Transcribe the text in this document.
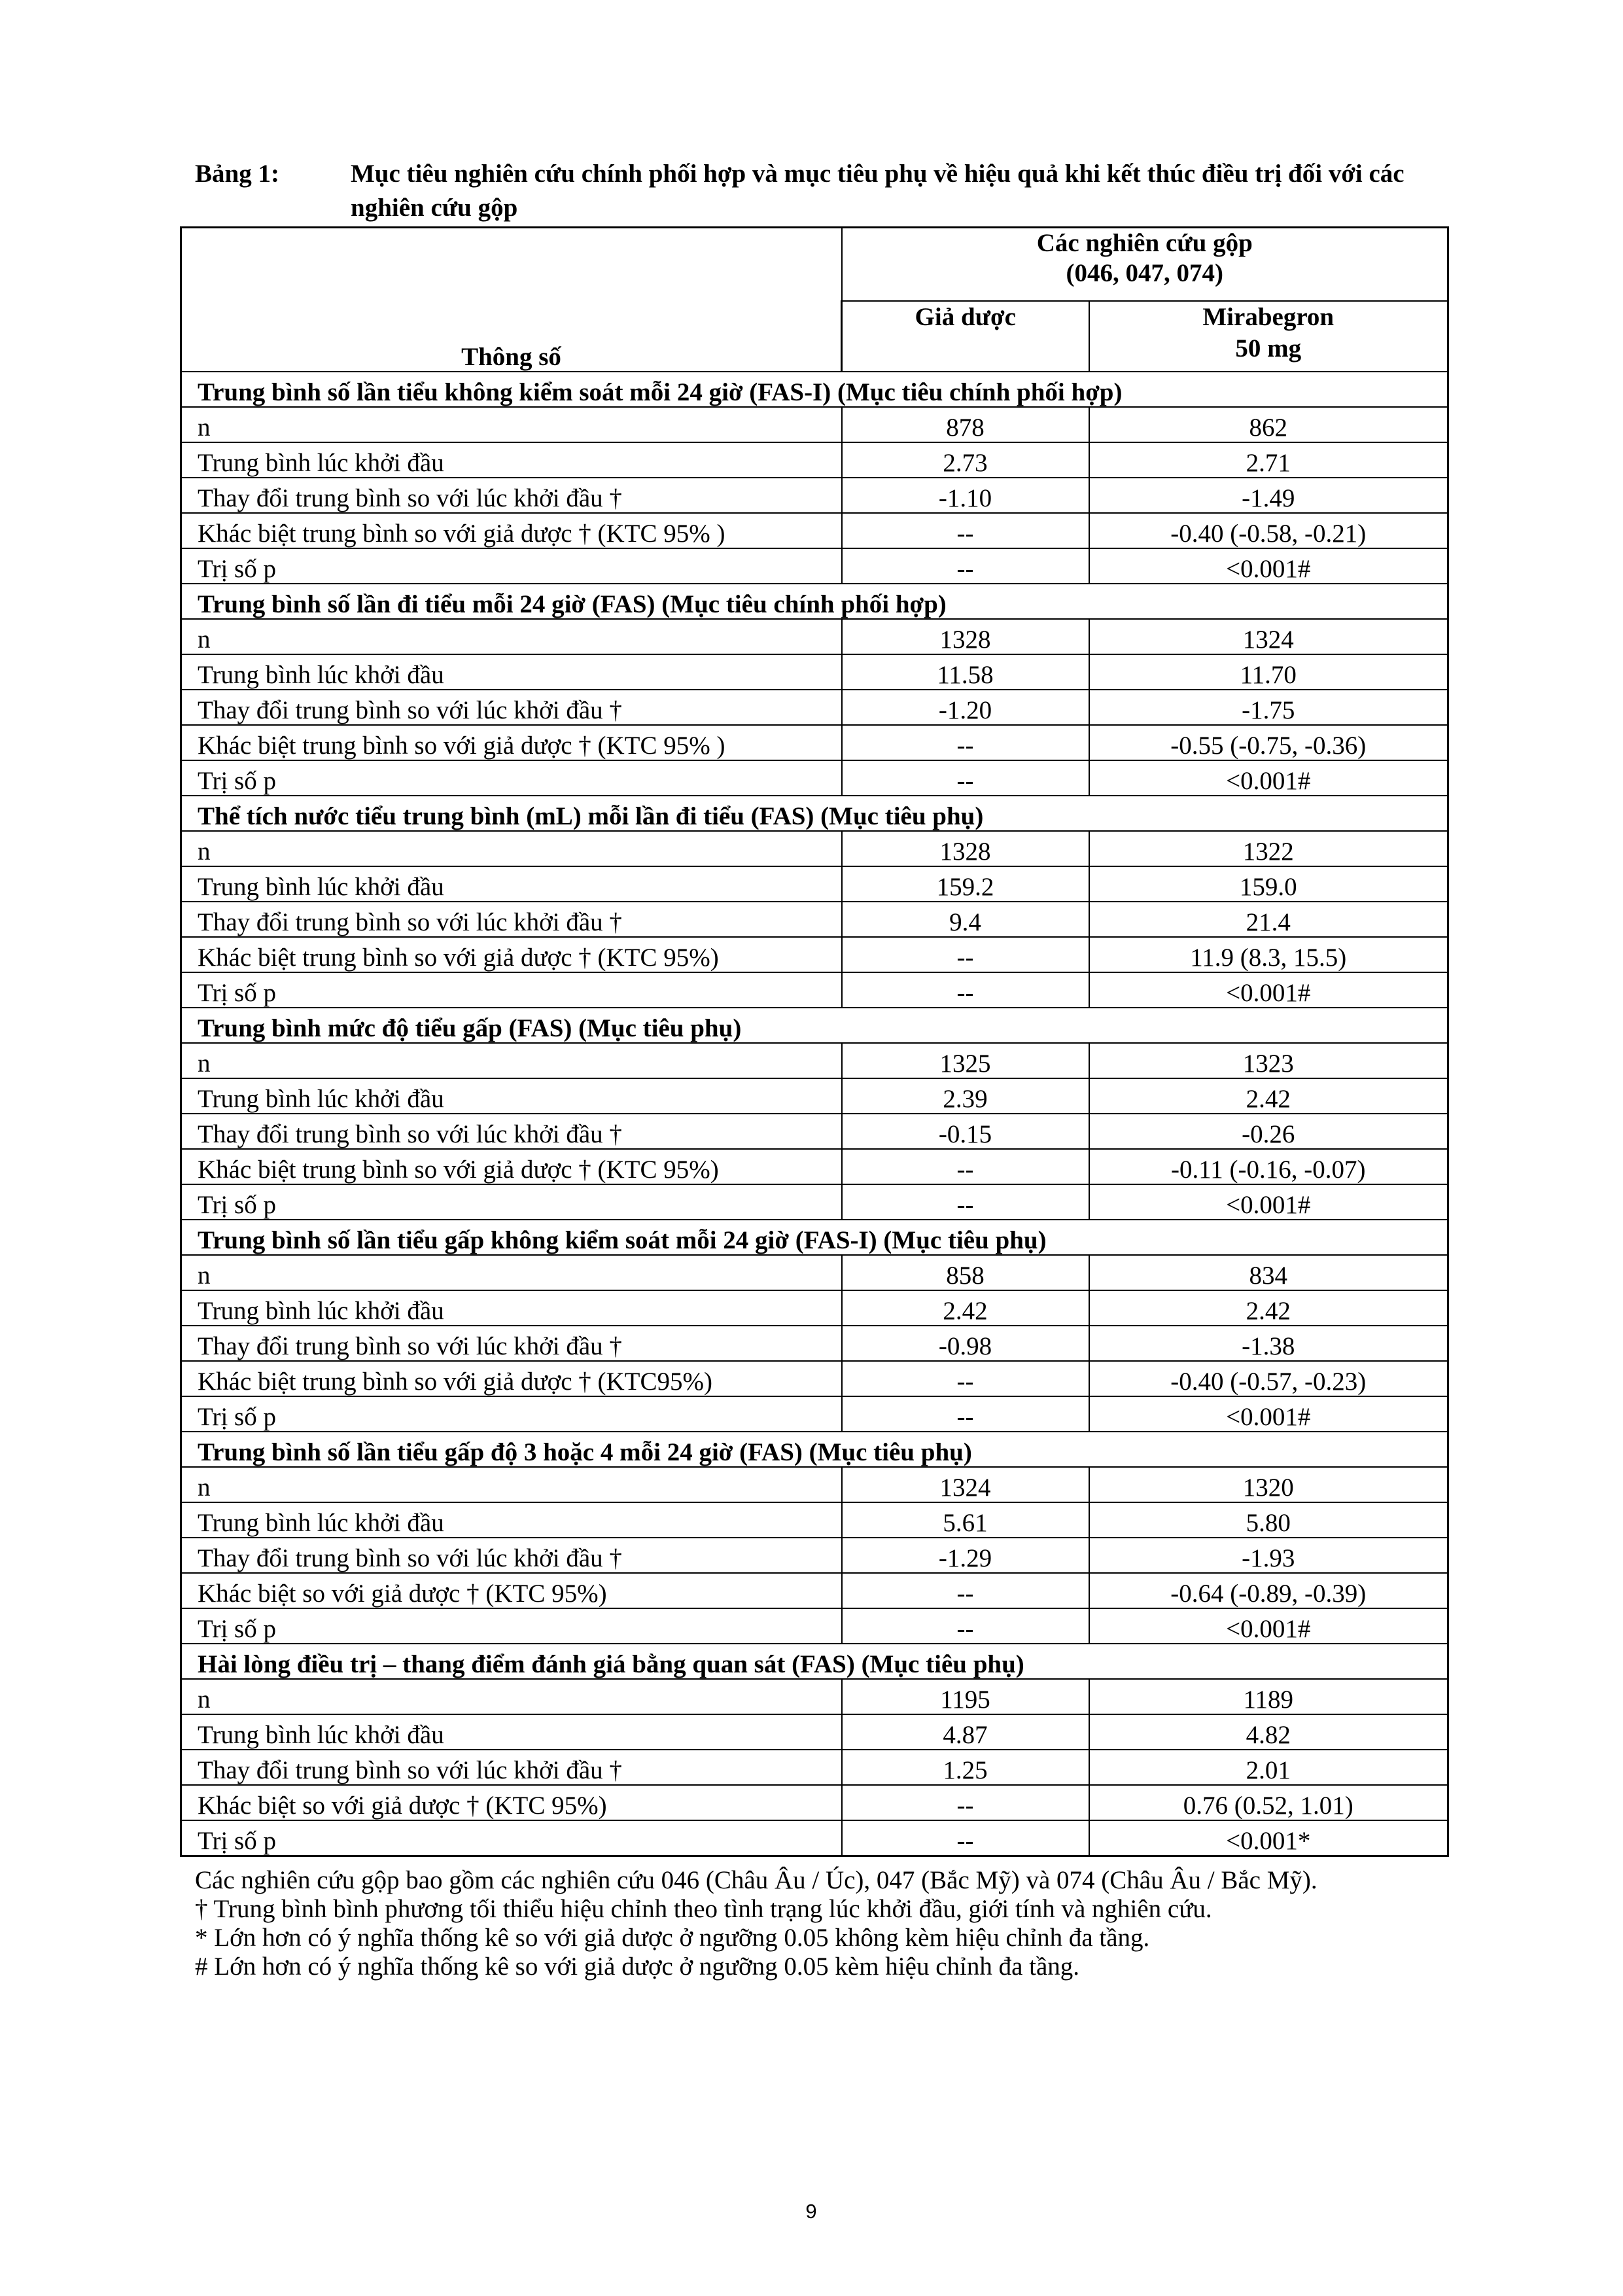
Bảng 1:	Mục tiêu nghiên cứu chính phối hợp và mục tiêu phụ về hiệu quả khi kết thúc điều trị đối với các nghiên cứu gộp
Thông số	Các nghiên cứu gộp
(046, 047, 074)	

	Giả dược	Mirabegron
50 mg

Trung bình số lần tiểu không kiểm soát mỗi 24 giờ (FAS-I) (Mục tiêu chính phối hợp)		
n	878	862
Trung bình lúc khởi đầu	2.73	2.71
Thay đổi trung bình so với lúc khởi đầu †	-1.10	-1.49
Khác biệt trung bình so với giả dược † (KTC 95% )	--	-0.40 (-0.58, -0.21)
Trị số p	--	<0.001#
Trung bình số lần đi tiểu mỗi 24 giờ (FAS) (Mục tiêu chính phối hợp)		
n	1328	1324
Trung bình lúc khởi đầu	11.58	11.70
Thay đổi trung bình so với lúc khởi đầu †	-1.20	-1.75
Khác biệt trung bình so với giả dược † (KTC 95% )	--	-0.55 (-0.75, -0.36)
Trị số p	--	<0.001#
Thể tích nước tiểu trung bình (mL) mỗi lần đi tiểu (FAS) (Mục tiêu phụ)		
n	1328	1322
Trung bình lúc khởi đầu	159.2	159.0
Thay đổi trung bình so với lúc khởi đầu †	9.4	21.4
Khác biệt trung bình so với giả dược † (KTC 95%)	--	11.9 (8.3, 15.5)
Trị số p	--	<0.001#
Trung bình mức độ tiểu gấp (FAS) (Mục tiêu phụ)		
n	1325	1323
Trung bình lúc khởi đầu	2.39	2.42
Thay đổi trung bình so với lúc khởi đầu †	-0.15	-0.26
Khác biệt trung bình so với giả dược † (KTC 95%)	--	-0.11 (-0.16, -0.07)
Trị số p	--	<0.001#
Trung bình số lần tiểu gấp không kiểm soát mỗi 24 giờ (FAS-I) (Mục tiêu phụ)		
n	858	834
Trung bình lúc khởi đầu	2.42	2.42
Thay đổi trung bình so với lúc khởi đầu †	-0.98	-1.38
Khác biệt trung bình so với giả dược † (KTC95%)	--	-0.40 (-0.57, -0.23)
Trị số p	--	<0.001#
Trung bình số lần tiểu gấp độ 3 hoặc 4 mỗi 24 giờ (FAS) (Mục tiêu phụ)		
n	1324	1320
Trung bình lúc khởi đầu	5.61	5.80
Thay đổi trung bình so với lúc khởi đầu †	-1.29	-1.93
Khác biệt so với giả dược † (KTC 95%)	--	-0.64 (-0.89, -0.39)
Trị số p	--	<0.001#
Hài lòng điều trị – thang điểm đánh giá bằng quan sát (FAS) (Mục tiêu phụ)		
n	1195	1189
Trung bình lúc khởi đầu	4.87	4.82
Thay đổi trung bình so với lúc khởi đầu †	1.25	2.01
Khác biệt so với giả dược † (KTC 95%)	--	0.76 (0.52, 1.01)
Trị số p	--	<0.001*

Các nghiên cứu gộp bao gồm các nghiên cứu 046 (Châu Âu / Úc), 047 (Bắc Mỹ) và 074 (Châu Âu / Bắc Mỹ).

† Trung bình bình phương tối thiểu hiệu chỉnh theo tình trạng lúc khởi đầu, giới tính và nghiên cứu.

* Lớn hơn có ý nghĩa thống kê so với giả dược ở ngưỡng 0.05 không kèm hiệu chỉnh đa tầng.

# Lớn hơn có ý nghĩa thống kê so với giả dược ở ngưỡng 0.05 kèm hiệu chỉnh đa tầng.

9
